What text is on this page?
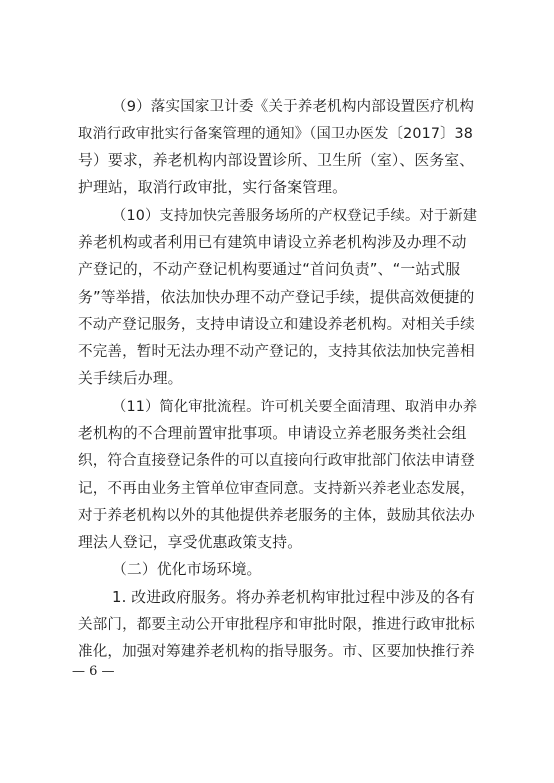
（9）落实国家卫计委《关于养老机构内部设置医疗机构
取消行政审批实行备案管理的通知》（国卫办医发〔2017〕38
号）要求，养老机构内部设置诊所、卫生所（室）、医务室、
护理站，取消行政审批，实行备案管理。
（10）支持加快完善服务场所的产权登记手续。对于新建
养老机构或者利用已有建筑申请设立养老机构涉及办理不动
产登记的，不动产登记机构要通过“首问负责”、“一站式服
务”等举措，依法加快办理不动产登记手续，提供高效便捷的
不动产登记服务，支持申请设立和建设养老机构。对相关手续
不完善，暂时无法办理不动产登记的，支持其依法加快完善相
关手续后办理。
（11）简化审批流程。许可机关要全面清理、取消申办养
老机构的不合理前置审批事项。申请设立养老服务类社会组
织，符合直接登记条件的可以直接向行政审批部门依法申请登
记，不再由业务主管单位审查同意。支持新兴养老业态发展，
对于养老机构以外的其他提供养老服务的主体，鼓励其依法办
理法人登记，享受优惠政策支持。
（二）优化市场环境。
1. 改进政府服务。将办养老机构审批过程中涉及的各有
关部门，都要主动公开审批程序和审批时限，推进行政审批标
准化，加强对筹建养老机构的指导服务。市、区要加快推行养
— 6 —
